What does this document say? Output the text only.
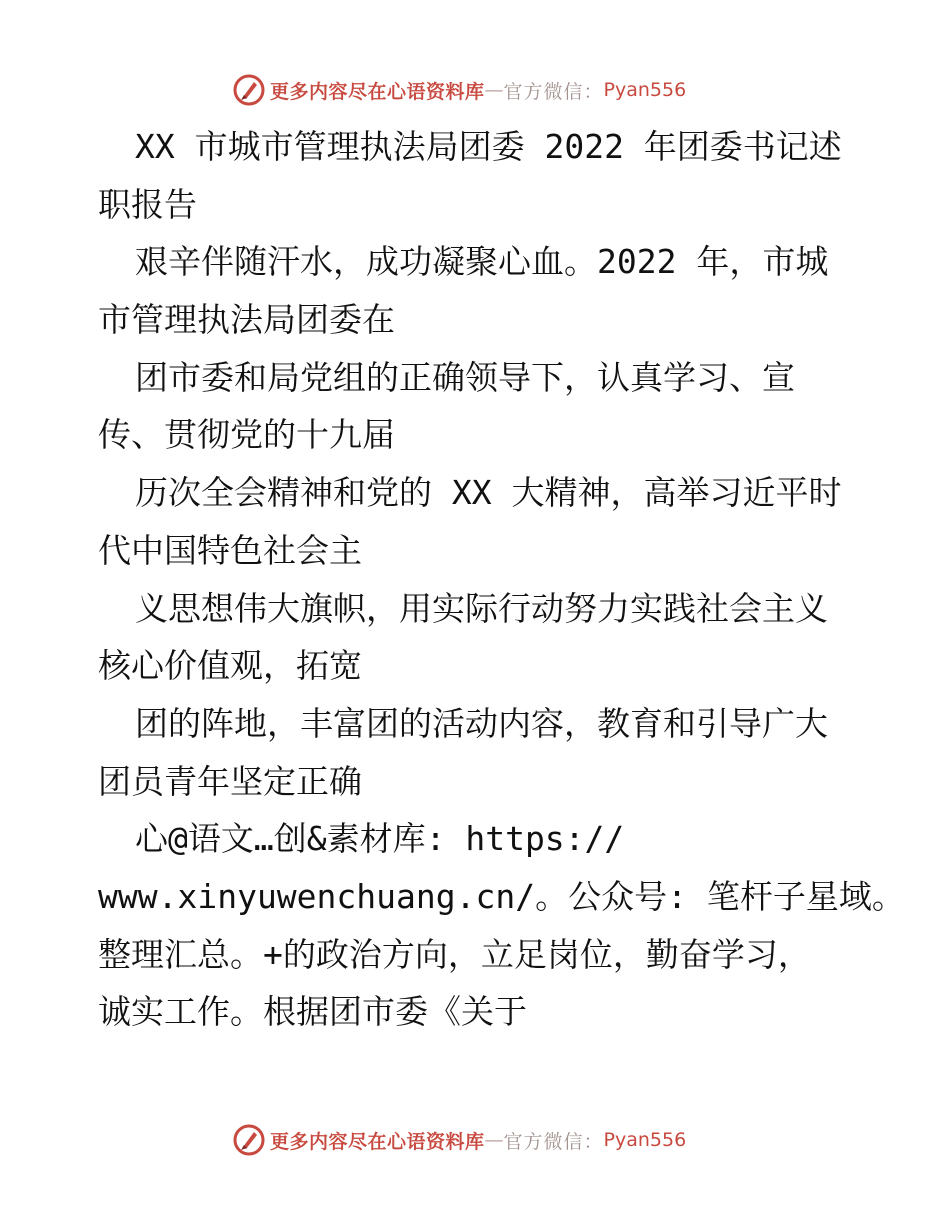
更多内容尽在心语资料库 — 官方微信： Pyan556
XX 市城市管理执法局团委 2022 年团委书记述
职报告
艰辛伴随汗水，成功凝聚心血。2022 年，市城
市管理执法局团委在
团市委和局党组的正确领导下，认真学习、宣
传、贯彻党的十九届
历次全会精神和党的 XX 大精神，高举习近平时
代中国特色社会主
义思想伟大旗帜，用实际行动努力实践社会主义
核心价值观，拓宽
团的阵地，丰富团的活动内容，教育和引导广大
团员青年坚定正确
心@语文…创&素材库: https://
www.xinyuwenchuang.cn/。公众号: 笔杆子星域。
整理汇总。+的政治方向，立足岗位，勤奋学习，
诚实工作。根据团市委《关于
更多内容尽在心语资料库 — 官方微信： Pyan556
